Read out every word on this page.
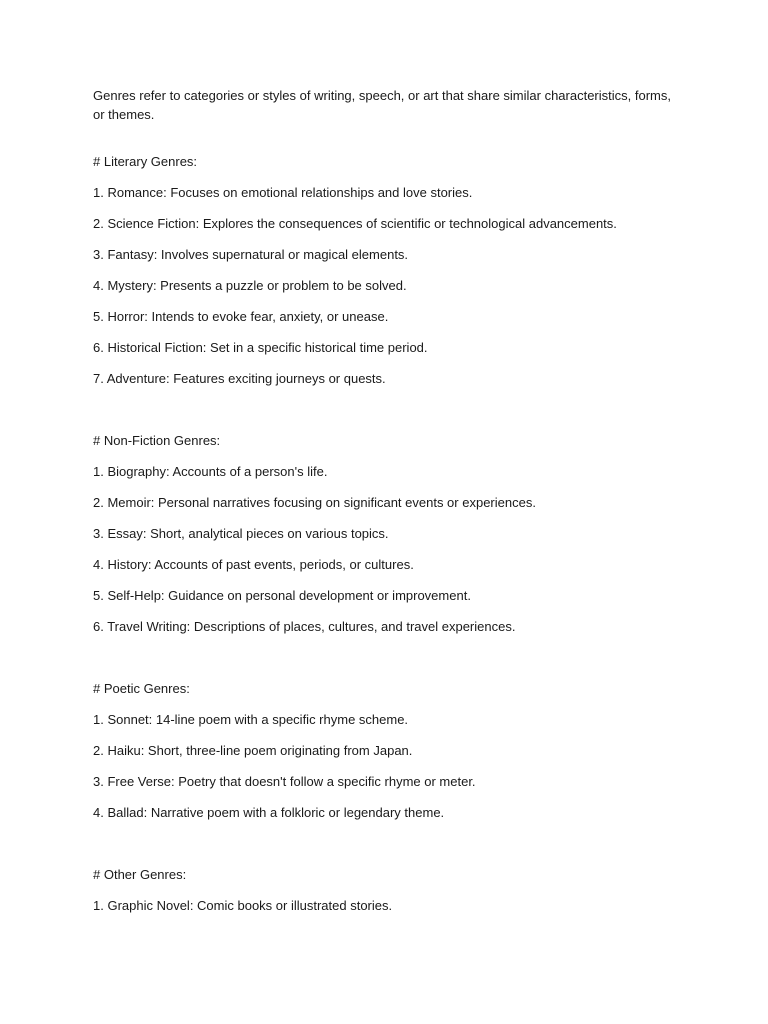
Genres refer to categories or styles of writing, speech, or art that share similar characteristics, forms, or themes.

# Literary Genres:

1. Romance: Focuses on emotional relationships and love stories.

2. Science Fiction: Explores the consequences of scientific or technological advancements.

3. Fantasy: Involves supernatural or magical elements.

4. Mystery: Presents a puzzle or problem to be solved.

5. Horror: Intends to evoke fear, anxiety, or unease.

6. Historical Fiction: Set in a specific historical time period.

7. Adventure: Features exciting journeys or quests.

# Non-Fiction Genres:

1. Biography: Accounts of a person's life.

2. Memoir: Personal narratives focusing on significant events or experiences.

3. Essay: Short, analytical pieces on various topics.

4. History: Accounts of past events, periods, or cultures.

5. Self-Help: Guidance on personal development or improvement.

6. Travel Writing: Descriptions of places, cultures, and travel experiences.

# Poetic Genres:

1. Sonnet: 14-line poem with a specific rhyme scheme.

2. Haiku: Short, three-line poem originating from Japan.

3. Free Verse: Poetry that doesn't follow a specific rhyme or meter.

4. Ballad: Narrative poem with a folkloric or legendary theme.

# Other Genres:

1. Graphic Novel: Comic books or illustrated stories.
